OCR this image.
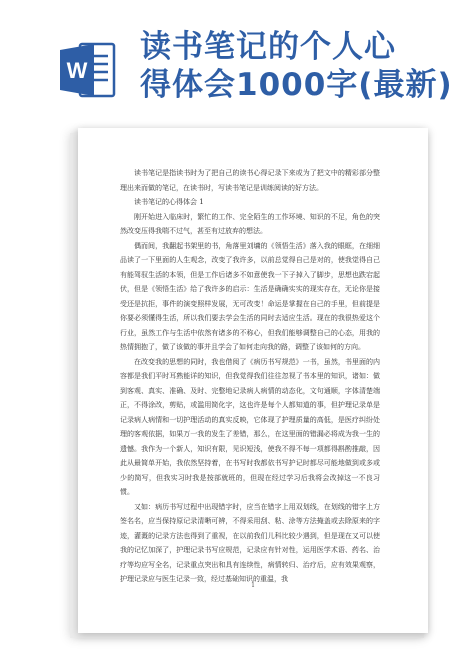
W
读书笔记的个人心
得体会1000字(最新)

读书笔记是指读书时为了把自己的读书心得记录下来或为了把文中的精彩部分整理出来而做的笔记，在读书时，写读书笔记是训练阅读的好方法。

读书笔记的心得体会 1

刚开始进入临床时，繁忙的工作、完全陌生的工作环境、知识的不足，角色的突然改变压得我喘不过气，甚至有过放弃的想法。

偶而间，我翻起书架里的书，角落里刘墉的《领悟生活》落入我的眼眶，在细细品读了一下里面的人生观念，改变了我许多，以前总觉得自己是对的，使我觉得自己有能驾驭生活的本领，但是工作后诸多不如意使我一下子掉入了脚步，思想也跌宕起伏，但是《领悟生活》给了我许多的启示：生活是确确实实的现实存在，无论你是接受还是抗拒，事件的演变照样发展，无可改变！命运是掌握在自己的手里，但前提是你要必须懂得生活，所以我们要去学会生活的同时去适应生活。现在的我很热爱这个行业，虽然工作与生活中依然有诸多的不称心，但我们能够调整自己的心态，用我的热情拥抱了，做了该做的事并且学会了如何走向我的路，调整了该如何的方向。

在改变我的思想的同时，我也借阅了《病历书写规范》一书，虽然，书里面的内容都是我们平时耳熟能详的知识，但我觉得我们往往忽视了书本里的知识，诸如：做到客观、真实、准确、及时、完整地记录病人病情的动态化，文句通顺，字体清楚端正，不得涂改，剪贴，或滥用简化字，这也许是每个人都知道的事，但护理记录单是记录病人病情和一切护理活动的真实反映，它体现了护理质量的高低，是医疗纠纷处理的客观依据，如果万一我的发生了差错，那么，在这里面的错漏必将成为我一生的遗憾。我作为一个新人，知识有限，见识短浅，使我不得不每一项都得斟酌推敲，因此从最简单开始，我依然坚持着，在书写时我都依书写护记时都尽可能地做到或多或少的简写，但我实习时我是按部就班的，但现在经过学习后我将会改掉这一不良习惯。

又如：病历书写过程中出现错字时，应当在错字上用双划线，在划线的错字上方签名名，应当保持原记录清晰可辨，不得采用刮、粘、涂等方法掩盖或去除原来的字迹，灌溉的记录方法也得到了重视，在以前我们儿科比较少遇到，但是现在又可以使我的记忆加深了，护理记录书写应规范，记录应有针对性，运用医学术语、药名、治疗等均应写全名，记录重点突出和具有连续性，病情转归、治疗后，应有效果观察，护理记录应与医生记录一致，经过基础知识的重温，我

1
